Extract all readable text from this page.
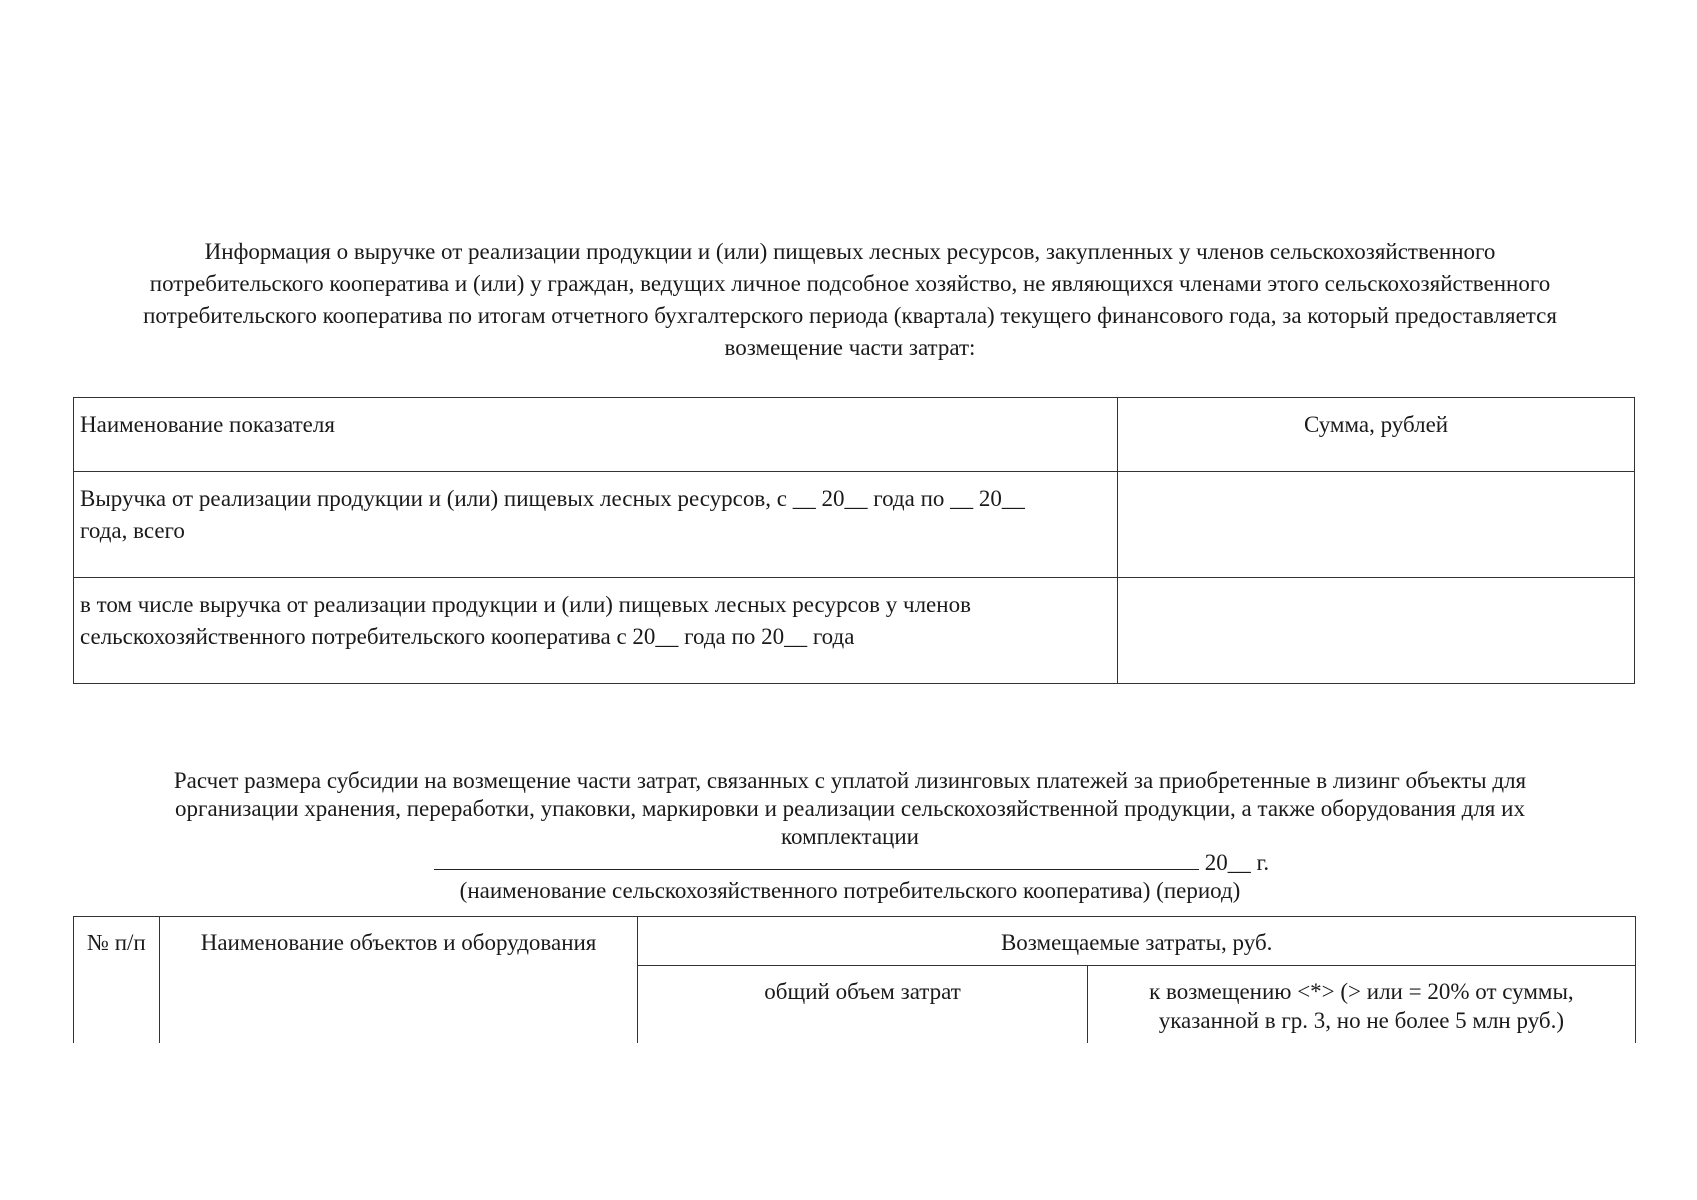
Информация о выручке от реализации продукции и (или) пищевых лесных ресурсов, закупленных у членов сельскохозяйственного
потребительского кооператива и (или) у граждан, ведущих личное подсобное хозяйство, не являющихся членами этого сельскохозяйственного
потребительского кооператива по итогам отчетного бухгалтерского периода (квартала) текущего финансового года, за который предоставляется
возмещение части затрат:
Наименование показателя	Сумма, рублей

Выручка от реализации продукции и (или) пищевых лесных ресурсов, с __ 20__ года по __ 20__
года, всего	

в том числе выручка от реализации продукции и (или) пищевых лесных ресурсов у членов
сельскохозяйственного потребительского кооператива с 20__ года по 20__ года	

Расчет размера субсидии на возмещение части затрат, связанных с уплатой лизинговых платежей за приобретенные в лизинг объекты для
организации хранения, переработки, упаковки, маркировки и реализации сельскохозяйственной продукции, а также оборудования для их
комплектации
20__ г.
(наименование сельскохозяйственного потребительского кооператива) (период)
№ п/п	Наименование объектов и оборудования	Возмещаемые затраты, руб.	
		общий объем затрат	к возмещению <*> (> или = 20% от суммы,
указанной в гр. 3, но не более 5 млн руб.)
